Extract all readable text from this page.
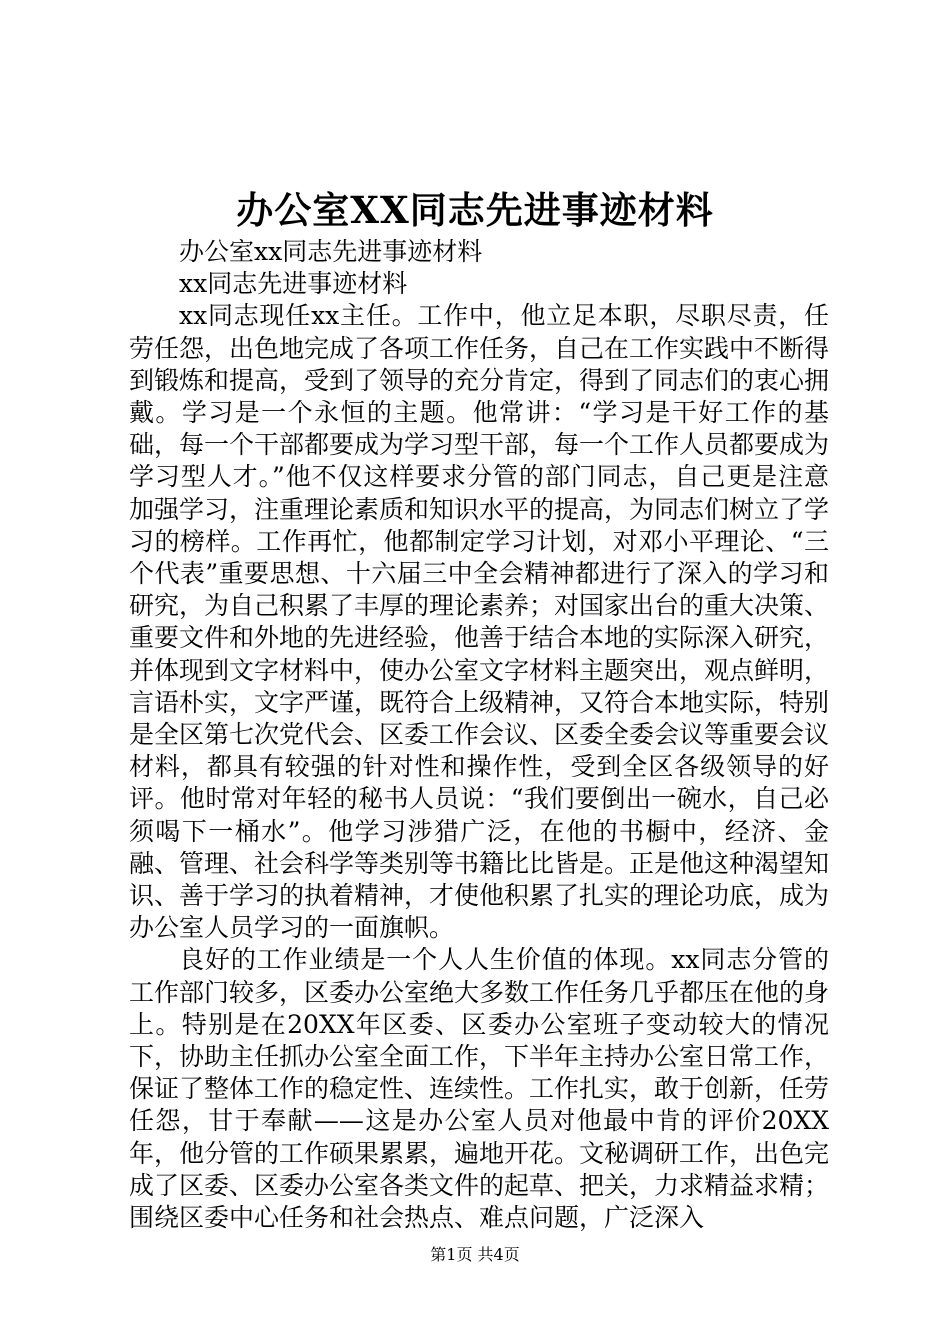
办公室XX同志先进事迹材料

办公室xx同志先进事迹材料

xx同志先进事迹材料

xx同志现任xx主任。工作中，他立足本职，尽职尽责，任劳任怨，出色地完成了各项工作任务，自己在工作实践中不断得到锻炼和提高，受到了领导的充分肯定，得到了同志们的衷心拥戴。学习是一个永恒的主题。他常讲：“学习是干好工作的基础，每一个干部都要成为学习型干部，每一个工作人员都要成为学习型人才。”他不仅这样要求分管的部门同志，自己更是注意加强学习，注重理论素质和知识水平的提高，为同志们树立了学习的榜样。工作再忙，他都制定学习计划，对邓小平理论、“三个代表”重要思想、十六届三中全会精神都进行了深入的学习和研究，为自己积累了丰厚的理论素养；对国家出台的重大决策、重要文件和外地的先进经验，他善于结合本地的实际深入研究，并体现到文字材料中，使办公室文字材料主题突出，观点鲜明，言语朴实，文字严谨，既符合上级精神，又符合本地实际，特别是全区第七次党代会、区委工作会议、区委全委会议等重要会议材料，都具有较强的针对性和操作性，受到全区各级领导的好评。他时常对年轻的秘书人员说：“我们要倒出一碗水，自己必须喝下一桶水”。他学习涉猎广泛，在他的书橱中，经济、金融、管理、社会科学等类别等书籍比比皆是。正是他这种渴望知识、善于学习的执着精神，才使他积累了扎实的理论功底，成为办公室人员学习的一面旗帜。

良好的工作业绩是一个人人生价值的体现。xx同志分管的工作部门较多，区委办公室绝大多数工作任务几乎都压在他的身上。特别是在20XX年区委、区委办公室班子变动较大的情况下，协助主任抓办公室全面工作，下半年主持办公室日常工作，保证了整体工作的稳定性、连续性。工作扎实，敢于创新，任劳任怨，甘于奉献——这是办公室人员对他最中肯的评价20XX年，他分管的工作硕果累累，遍地开花。文秘调研工作，出色完成了区委、区委办公室各类文件的起草、把关，力求精益求精；围绕区委中心任务和社会热点、难点问题，广泛深入

第1页 共4页
